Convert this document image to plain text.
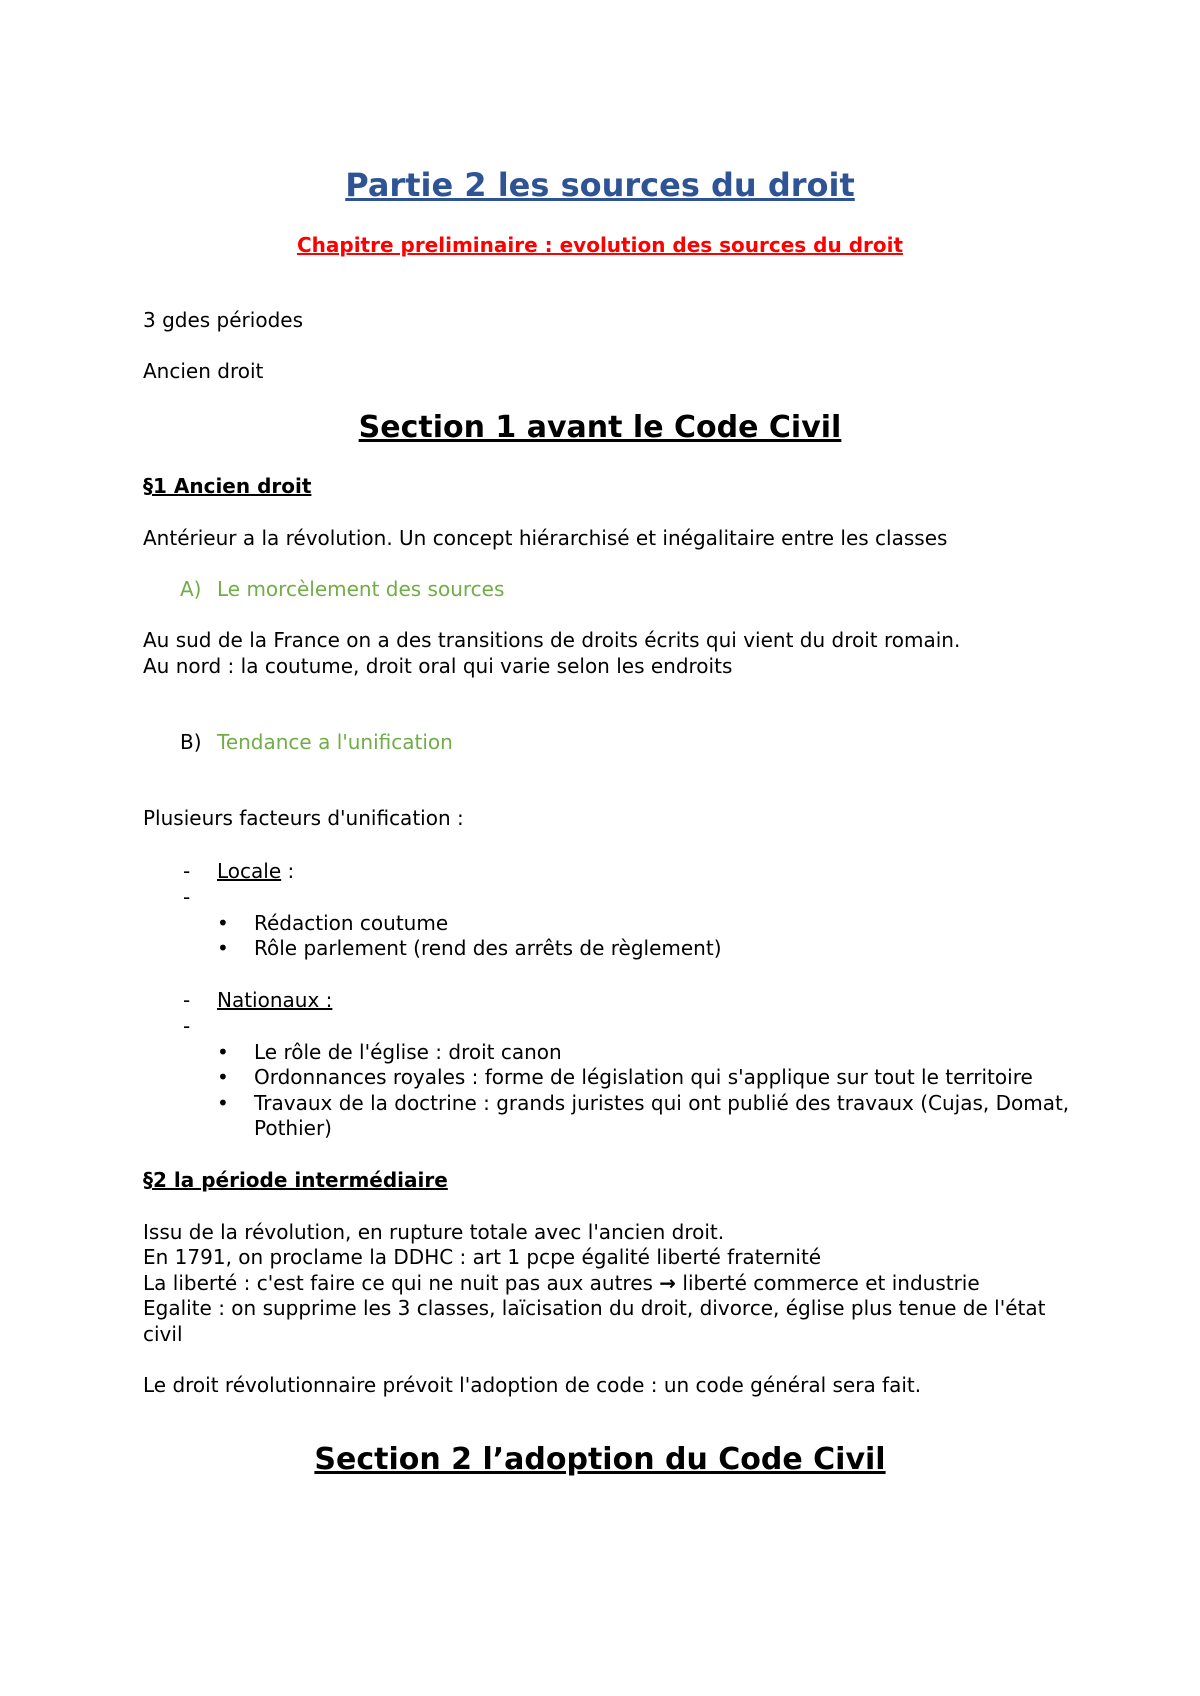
Partie 2 les sources du droit
Chapitre preliminaire : evolution des sources du droit
3 gdes périodes
Ancien droit
Section 1 avant le Code Civil
§1 Ancien droit
Antérieur a la révolution. Un concept hiérarchisé et inégalitaire entre les classes
A) Le morcèlement des sources
Au sud de la France on a des transitions de droits écrits qui vient du droit romain.
Au nord : la coutume, droit oral qui varie selon les endroits
B) Tendance a l'unification
Plusieurs facteurs d'unification :
- Locale :
-
• Rédaction coutume
• Rôle parlement (rend des arrêts de règlement)
- Nationaux :
-
• Le rôle de l'église : droit canon
• Ordonnances royales : forme de législation qui s'applique sur tout le territoire
• Travaux de la doctrine : grands juristes qui ont publié des travaux (Cujas, Domat,
Pothier)
§2 la période intermédiaire
Issu de la révolution, en rupture totale avec l'ancien droit.
En 1791, on proclame la DDHC : art 1 pcpe égalité liberté fraternité
La liberté : c'est faire ce qui ne nuit pas aux autres → liberté commerce et industrie
Egalite : on supprime les 3 classes, laïcisation du droit, divorce, église plus tenue de l'état
civil
Le droit révolutionnaire prévoit l'adoption de code : un code général sera fait.
Section 2 l’adoption du Code Civil
